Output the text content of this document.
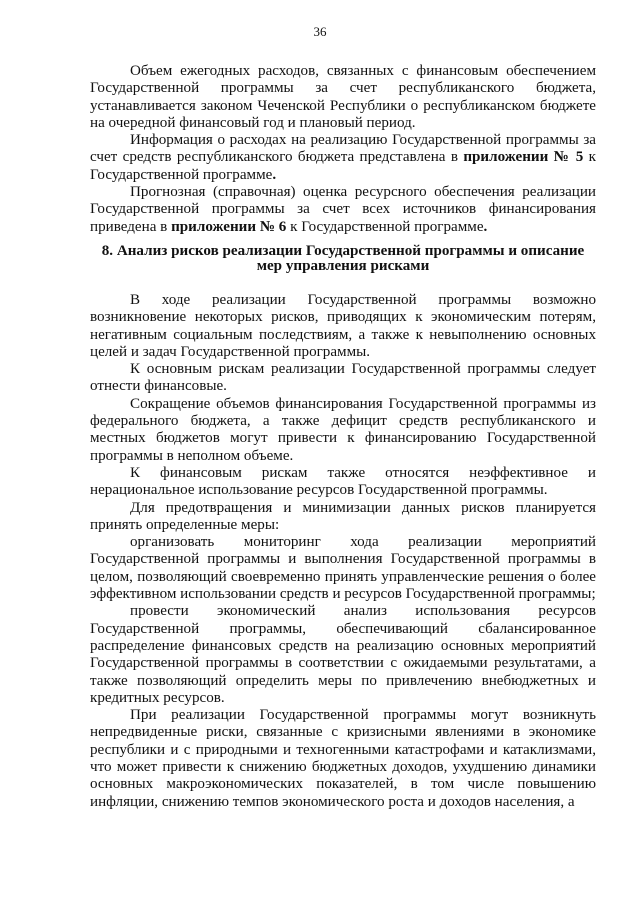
36

Объем ежегодных расходов, связанных с финансовым обеспечением Государственной программы за счет республиканского бюджета, устанавливается законом Чеченской Республики о республиканском бюджете на очередной финансовый год и плановый период.

Информация о расходах на реализацию Государственной программы за счет средств республиканского бюджета представлена в приложении № 5 к Государственной программе.

Прогнозная (справочная) оценка ресурсного обеспечения реализации Государственной программы за счет всех источников финансирования приведена в приложении № 6 к Государственной программе.

8. Анализ рисков реализации Государственной программы и описание мер управления рисками

В ходе реализации Государственной программы возможно возникновение некоторых рисков, приводящих к экономическим потерям, негативным социальным последствиям, а также к невыполнению основных целей и задач Государственной программы.

К основным рискам реализации Государственной программы следует отнести финансовые.

Сокращение объемов финансирования Государственной программы из федерального бюджета, а также дефицит средств республиканского и местных бюджетов могут привести к финансированию Государственной программы в неполном объеме.

К финансовым рискам также относятся неэффективное и нерациональное использование ресурсов Государственной программы.

Для предотвращения и минимизации данных рисков планируется принять определенные меры:

организовать мониторинг хода реализации мероприятий Государственной программы и выполнения Государственной программы в целом, позволяющий своевременно принять управленческие решения о более эффективном использовании средств и ресурсов Государственной программы;

провести экономический анализ использования ресурсов Государственной программы, обеспечивающий сбалансированное распределение финансовых средств на реализацию основных мероприятий Государственной программы в соответствии с ожидаемыми результатами, а также позволяющий определить меры по привлечению внебюджетных и кредитных ресурсов.

При реализации Государственной программы могут возникнуть непредвиденные риски, связанные с кризисными явлениями в экономике республики и с природными и техногенными катастрофами и катаклизмами, что может привести к снижению бюджетных доходов, ухудшению динамики основных макроэкономических показателей, в том числе повышению инфляции, снижению темпов экономического роста и доходов населения, а
